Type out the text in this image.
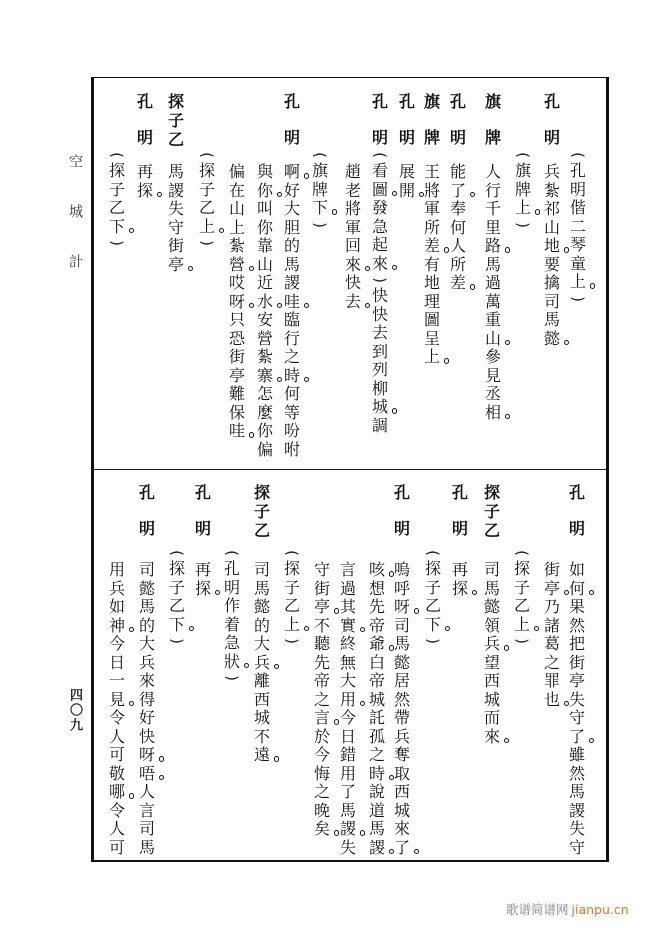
空城計
四〇九
孔
明
偕
二
琴
童
上
孔
明
兵
紮
祁
山
地
要
擒
司
馬
懿
旗
牌
上
旗
牌
人
行
千
里
路
馬
過
萬
重
山
參
見
丞
相
孔
明
能
了
奉
何
人
所
差
旗
牌
王
將
軍
所
差
有
地
理
圖
呈
上
孔
明
展
開
孔
明
看
圖
發
急
起
來
快
快
去
到
列
柳
城
調
趙
老
將
軍
回
來
快
去
旗
牌
下
孔
明
啊
好
大
胆
的
馬
謖
哇
臨
行
之
時
何
等
吩
咐
與
你
叫
你
靠
山
近
水
安
營
紮
寨
怎
麼
你
偏
偏
在
山
上
紮
營
哎
呀
只
恐
街
亭
難
保
哇
探
子
乙
上
探
子
乙
馬
謖
失
守
街
亭
孔
明
再
探
探
子
乙
下
孔
明
如
何
果
然
把
街
亭
失
守
了
雖
然
馬
謖
失
守
街
亭
乃
諸
葛
之
罪
也
探
子
乙
上
探
子
乙
司
馬
懿
領
兵
望
西
城
而
來
孔
明
再
探
探
子
乙
下
孔
明
嗚
呼
呀
司
馬
懿
居
然
帶
兵
奪
取
西
城
來
了
咳
想
先
帝
爺
白
帝
城
託
孤
之
時
說
道
馬
謖
言
過
其
實
終
無
大
用
今
日
錯
用
了
馬
謖
失
守
街
亭
不
聽
先
帝
之
言
於
今
悔
之
晚
矣
探
子
乙
上
探
子
乙
司
馬
懿
的
大
兵
離
西
城
不
遠
孔
明
作
着
急
狀
孔
明
再
探
探
子
乙
下
孔
明
司
懿
馬
的
大
兵
來
得
好
快
呀
唔
人
言
司
馬
用
兵
如
神
今
日
一
見
令
人
可
敬
哪
令
人
可
歌谱简谱网 jianpu.cn
